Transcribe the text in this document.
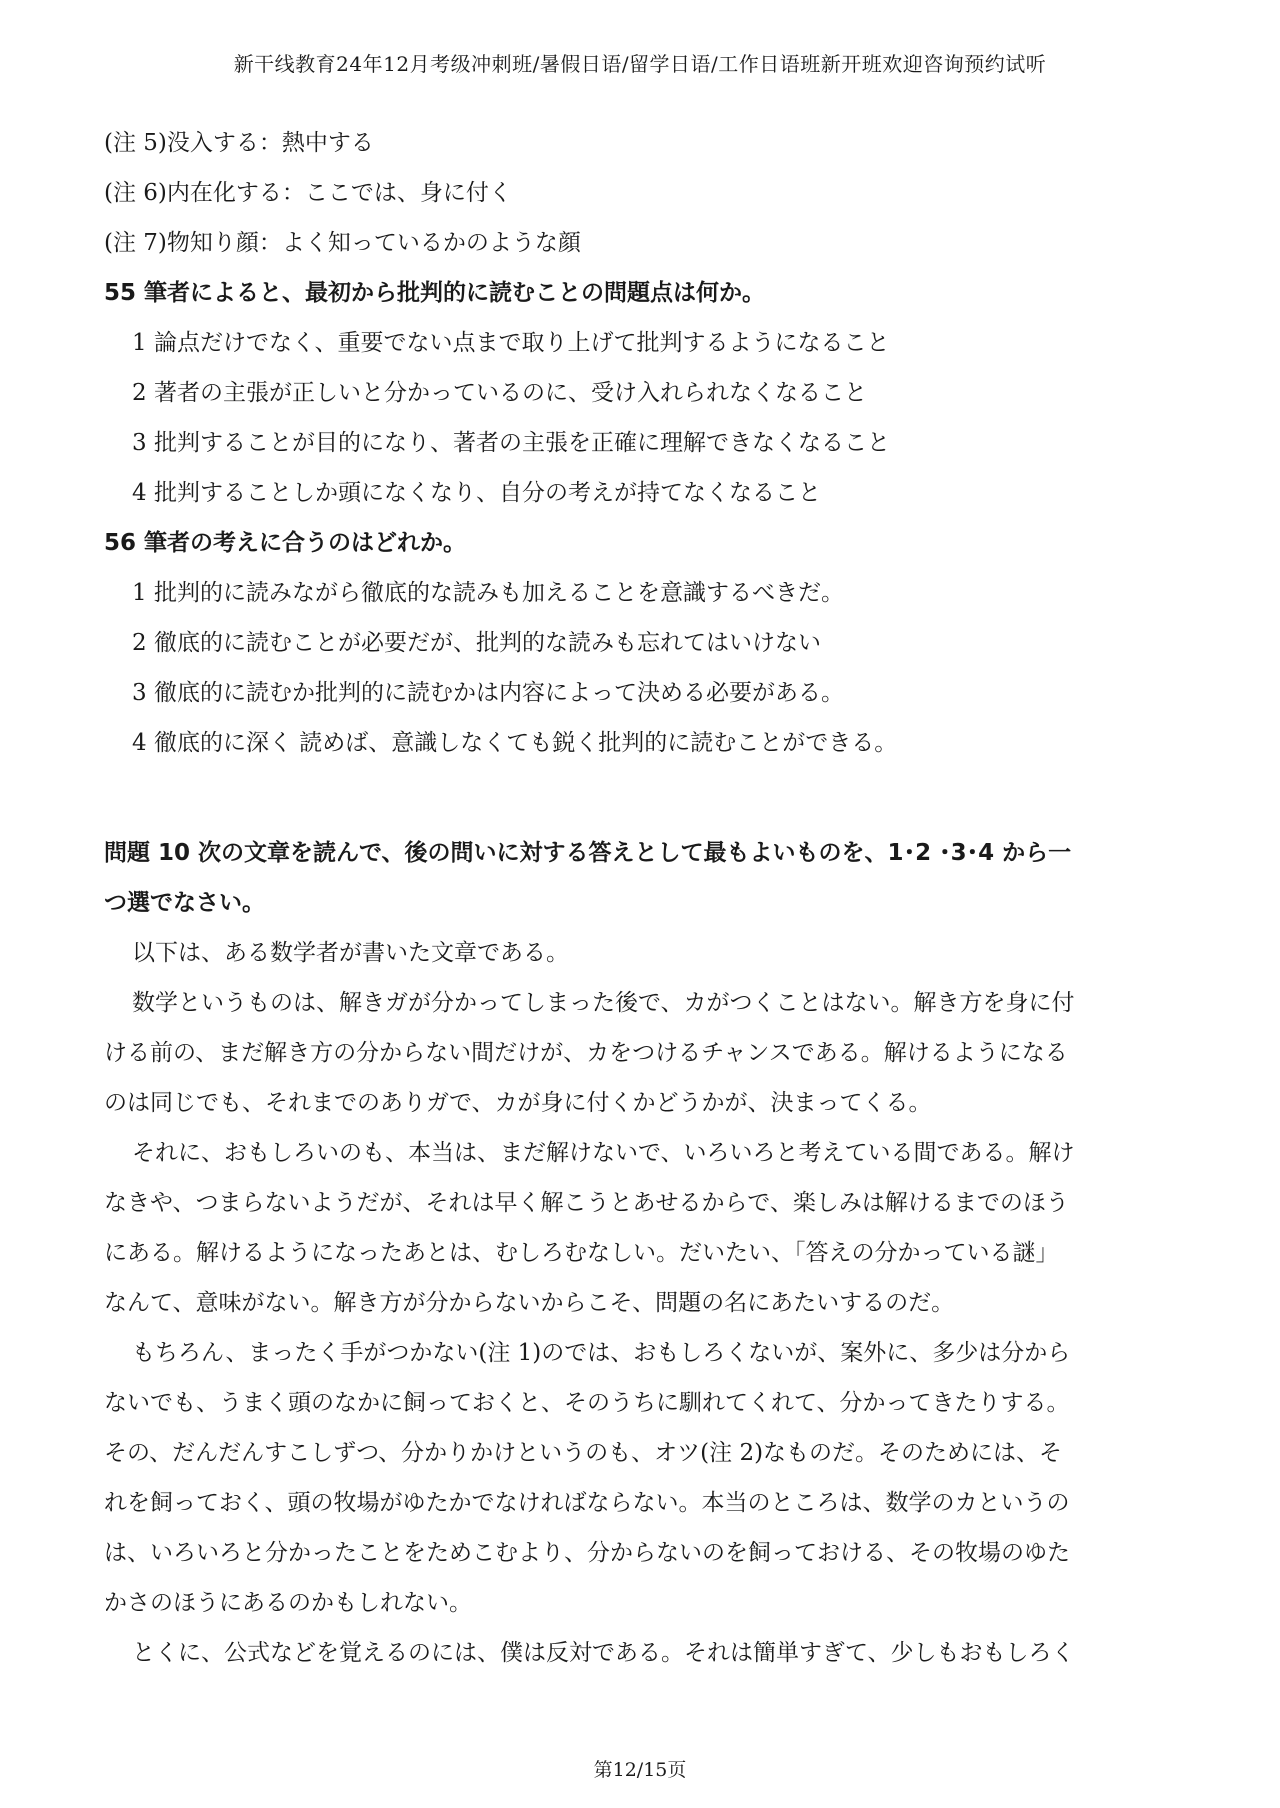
新干线教育24年12月考级冲刺班/暑假日语/留学日语/工作日语班新开班欢迎咨询预约试听
(注 5)没入する：熱中する
(注 6)内在化する：ここでは、身に付く
(注 7)物知り顔：よく知っているかのような顔
55 筆者によると、最初から批判的に読むことの問題点は何か。
1 論点だけでなく、重要でない点まで取り上げて批判するようになること
2 著者の主張が正しいと分かっているのに、受け入れられなくなること
3 批判することが目的になり、著者の主張を正確に理解できなくなること
4 批判することしか頭になくなり、自分の考えが持てなくなること
56 筆者の考えに合うのはどれか。
1 批判的に読みながら徹底的な読みも加えることを意識するべきだ。
2 徹底的に読むことが必要だが、批判的な読みも忘れてはいけない
3 徹底的に読むか批判的に読むかは内容によって決める必要がある。
4 徹底的に深く 読めば、意識しなくても鋭く批判的に読むことができる。
問題 10 次の文章を読んで、後の問いに対する答えとして最もよいものを、1･2 ･3･4 から一
つ選でなさい。
以下は、ある数学者が書いた文章である。
数学というものは、解きガが分かってしまった後で、カがつくことはない。解き方を身に付
ける前の、まだ解き方の分からない間だけが、カをつけるチャンスである。解けるようになる
のは同じでも、それまでのありガで、カが身に付くかどうかが、決まってくる。
それに、おもしろいのも、本当は、まだ解けないで、いろいろと考えている間である。解け
なきや、つまらないようだが、それは早く解こうとあせるからで、楽しみは解けるまでのほう
にある。解けるようになったあとは、むしろむなしい。だいたい、「答えの分かっている謎」
なんて、意味がない。解き方が分からないからこそ、問題の名にあたいするのだ。
もちろん、まったく手がつかない(注 1)のでは、おもしろくないが、案外に、多少は分から
ないでも、うまく頭のなかに飼っておくと、そのうちに馴れてくれて、分かってきたりする。
その、だんだんすこしずつ、分かりかけというのも、オツ(注 2)なものだ。そのためには、そ
れを飼っておく、頭の牧場がゆたかでなければならない。本当のところは、数学のカというの
は、いろいろと分かったことをためこむより、分からないのを飼っておける、その牧場のゆた
かさのほうにあるのかもしれない。
とくに、公式などを覚えるのには、僕は反対である。それは簡単すぎて、少しもおもしろく
第12/15页
